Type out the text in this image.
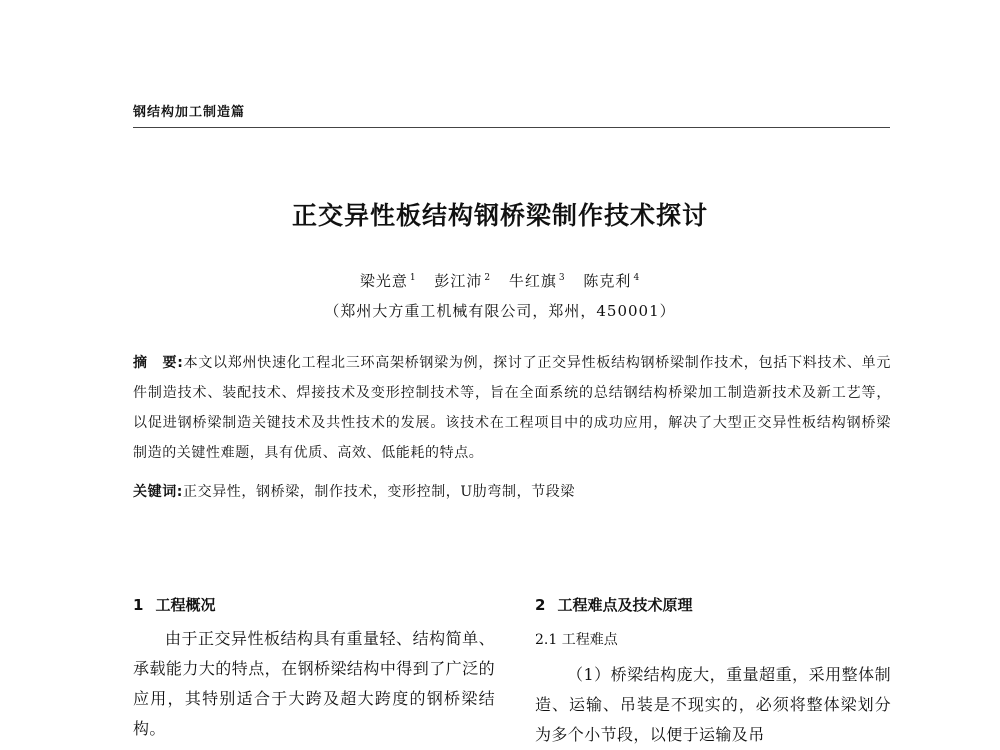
钢结构加工制造篇
正交异性板结构钢桥梁制作技术探讨
梁光意 $^1$ 彭江沛 $^2$ 牛红旗 $^3$ 陈克利 $^4$
（郑州大方重工机械有限公司，郑州，450001）
摘　要:本文以郑州快速化工程北三环高架桥钢梁为例，探讨了正交异性板结构钢桥梁制作技术，包括下料技术、单元件制造技术、装配技术、焊接技术及变形控制技术等，旨在全面系统的总结钢结构桥梁加工制造新技术及新工艺等，以促进钢桥梁制造关键技术及共性技术的发展。该技术在工程项目中的成功应用，解决了大型正交异性板结构钢桥梁制造的关键性难题，具有优质、高效、低能耗的特点。
关键词:正交异性，钢桥梁，制作技术，变形控制，U肋弯制，节段梁
1 工程概况

由于正交异性板结构具有重量轻、结构简单、承载能力大的特点，在钢桥梁结构中得到了广泛的应用，其特别适合于大跨及超大跨度的钢桥梁结构。

2 工程难点及技术原理
2.1 工程难点

（1）桥梁结构庞大，重量超重，采用整体制造、运输、吊装是不现实的，必须将整体梁划分为多个小节段，以便于运输及吊
